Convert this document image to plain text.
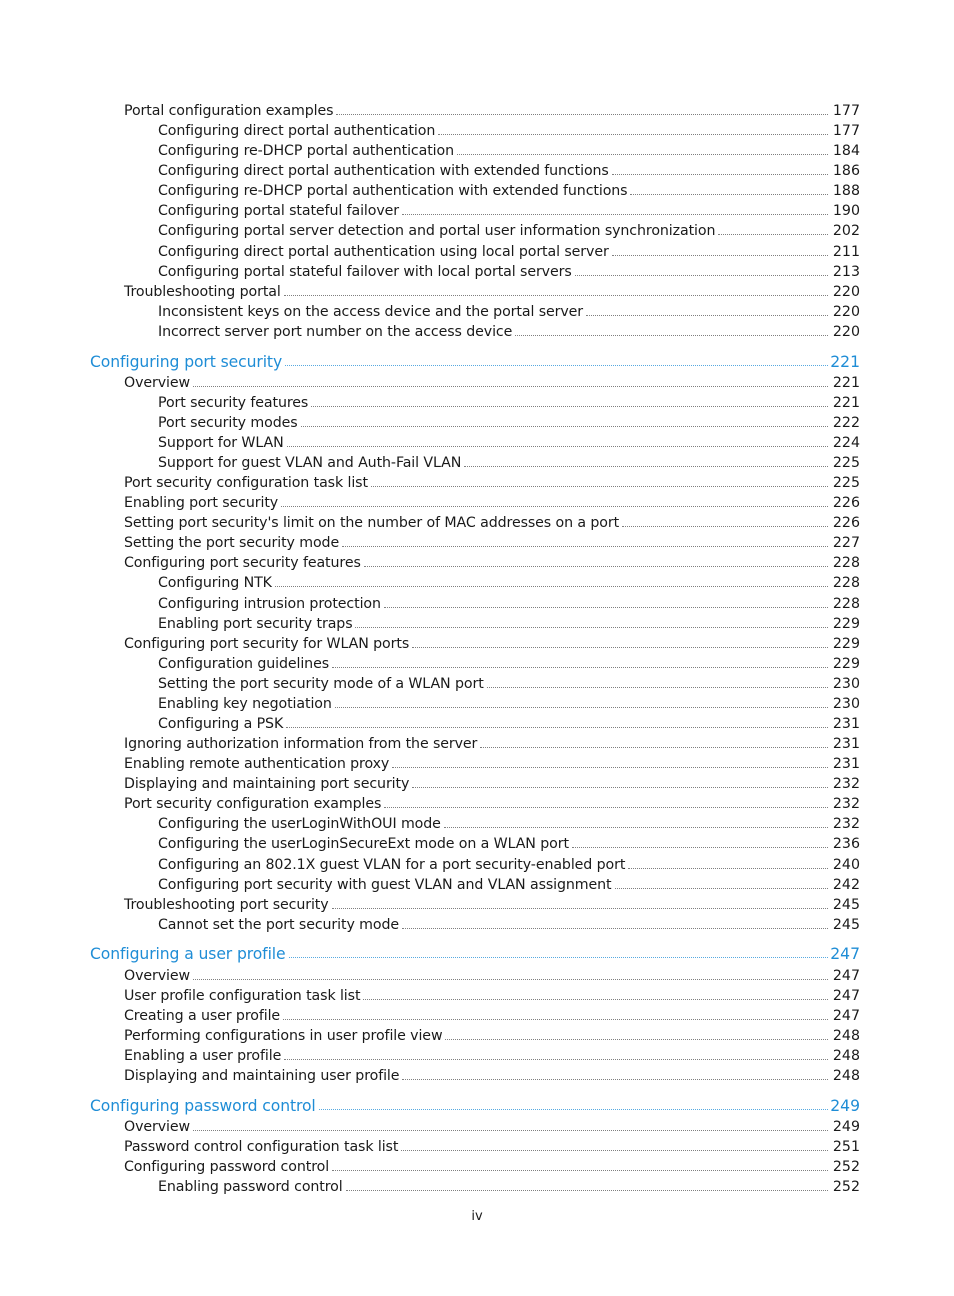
Portal configuration examples	177
Configuring direct portal authentication	177
Configuring re-DHCP portal authentication	184
Configuring direct portal authentication with extended functions	186
Configuring re-DHCP portal authentication with extended functions	188
Configuring portal stateful failover	190
Configuring portal server detection and portal user information synchronization	202
Configuring direct portal authentication using local portal server	211
Configuring portal stateful failover with local portal servers	213
Troubleshooting portal	220
Inconsistent keys on the access device and the portal server	220
Incorrect server port number on the access device	220
Configuring port security	221
Overview	221
Port security features	221
Port security modes	222
Support for WLAN	224
Support for guest VLAN and Auth-Fail VLAN	225
Port security configuration task list	225
Enabling port security	226
Setting port security's limit on the number of MAC addresses on a port	226
Setting the port security mode	227
Configuring port security features	228
Configuring NTK	228
Configuring intrusion protection	228
Enabling port security traps	229
Configuring port security for WLAN ports	229
Configuration guidelines	229
Setting the port security mode of a WLAN port	230
Enabling key negotiation	230
Configuring a PSK	231
Ignoring authorization information from the server	231
Enabling remote authentication proxy	231
Displaying and maintaining port security	232
Port security configuration examples	232
Configuring the userLoginWithOUI mode	232
Configuring the userLoginSecureExt mode on a WLAN port	236
Configuring an 802.1X guest VLAN for a port security-enabled port	240
Configuring port security with guest VLAN and VLAN assignment	242
Troubleshooting port security	245
Cannot set the port security mode	245
Configuring a user profile	247
Overview	247
User profile configuration task list	247
Creating a user profile	247
Performing configurations in user profile view	248
Enabling a user profile	248
Displaying and maintaining user profile	248
Configuring password control	249
Overview	249
Password control configuration task list	251
Configuring password control	252
Enabling password control	252
iv
